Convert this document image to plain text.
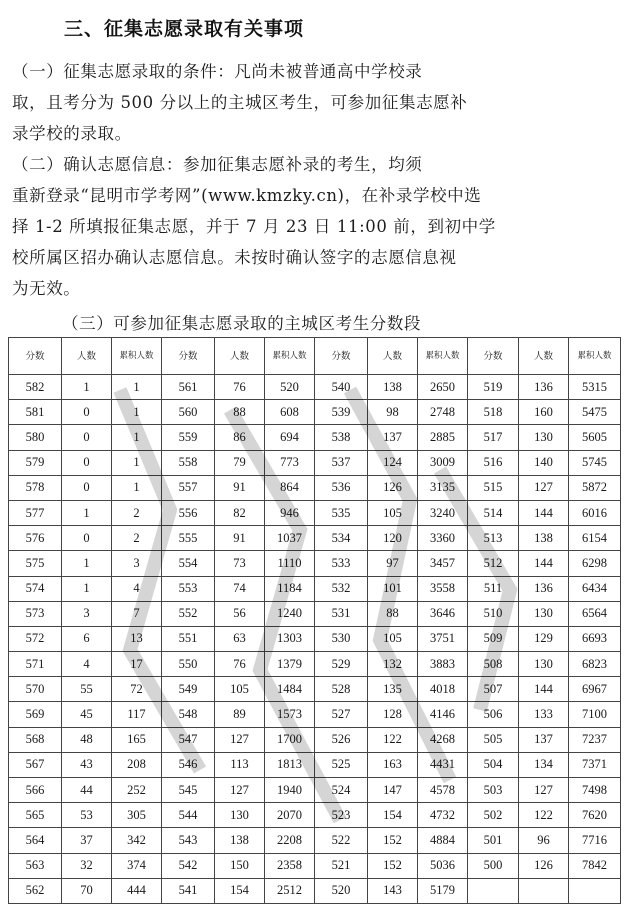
三、征集志愿录取有关事项
（一）征集志愿录取的条件：凡尚未被普通高中学校录
取，且考分为 500 分以上的主城区考生，可参加征集志愿补
录学校的录取。
（二）确认志愿信息：参加征集志愿补录的考生，均须
重新登录“昆明市学考网”(www.kmzky.cn)，在补录学校中选
择 1-2 所填报征集志愿，并于 7 月 23 日 11:00 前，到初中学
校所属区招办确认志愿信息。未按时确认签字的志愿信息视
为无效。
（三）可参加征集志愿录取的主城区考生分数段
分数	人数	累积人数	分数	人数	累积人数	分数	人数	累积人数	分数	人数	累积人数
582	1	1	561	76	520	540	138	2650	519	136	5315
581	0	1	560	88	608	539	98	2748	518	160	5475
580	0	1	559	86	694	538	137	2885	517	130	5605
579	0	1	558	79	773	537	124	3009	516	140	5745
578	0	1	557	91	864	536	126	3135	515	127	5872
577	1	2	556	82	946	535	105	3240	514	144	6016
576	0	2	555	91	1037	534	120	3360	513	138	6154
575	1	3	554	73	1110	533	97	3457	512	144	6298
574	1	4	553	74	1184	532	101	3558	511	136	6434
573	3	7	552	56	1240	531	88	3646	510	130	6564
572	6	13	551	63	1303	530	105	3751	509	129	6693
571	4	17	550	76	1379	529	132	3883	508	130	6823
570	55	72	549	105	1484	528	135	4018	507	144	6967
569	45	117	548	89	1573	527	128	4146	506	133	7100
568	48	165	547	127	1700	526	122	4268	505	137	7237
567	43	208	546	113	1813	525	163	4431	504	134	7371
566	44	252	545	127	1940	524	147	4578	503	127	7498
565	53	305	544	130	2070	523	154	4732	502	122	7620
564	37	342	543	138	2208	522	152	4884	501	96	7716
563	32	374	542	150	2358	521	152	5036	500	126	7842
562	70	444	541	154	2512	520	143	5179			
